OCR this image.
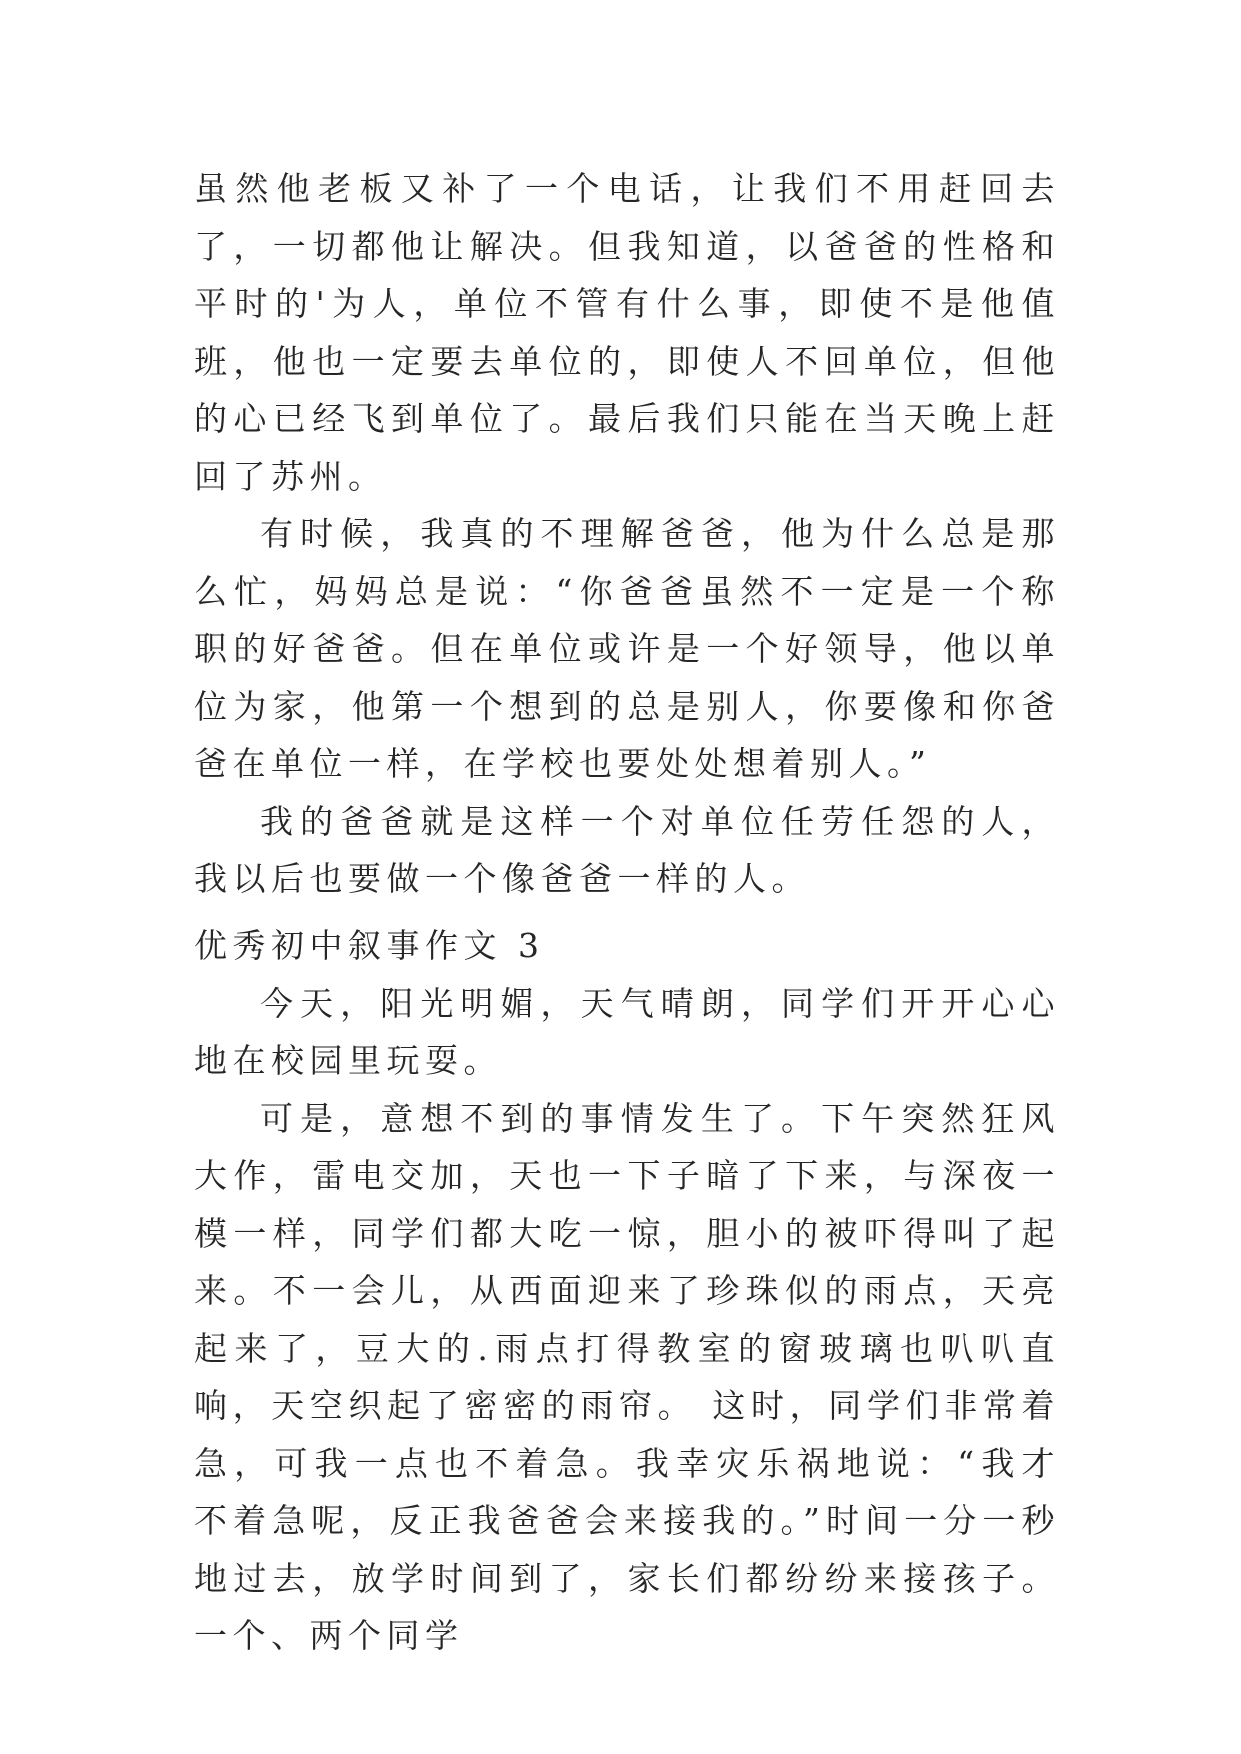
虽然他老板又补了一个电话，让我们不用赶回去了，一切都他让解决。但我知道，以爸爸的性格和平时的'为人，单位不管有什么事，即使不是他值班，他也一定要去单位的，即使人不回单位，但他的心已经飞到单位了。最后我们只能在当天晚上赶回了苏州。

有时候，我真的不理解爸爸，他为什么总是那么忙，妈妈总是说：“你爸爸虽然不一定是一个称职的好爸爸。但在单位或许是一个好领导，他以单位为家，他第一个想到的总是别人，你要像和你爸爸在单位一样，在学校也要处处想着别人。”

我的爸爸就是这样一个对单位任劳任怨的人，我以后也要做一个像爸爸一样的人。

优秀初中叙事作文 3

今天，阳光明媚，天气晴朗，同学们开开心心地在校园里玩耍。

可是，意想不到的事情发生了。下午突然狂风大作，雷电交加，天也一下子暗了下来，与深夜一模一样，同学们都大吃一惊，胆小的被吓得叫了起来。不一会儿，从西面迎来了珍珠似的雨点，天亮起来了，豆大的.雨点打得教室的窗玻璃也叭叭直响，天空织起了密密的雨帘。 这时，同学们非常着急，可我一点也不着急。我幸灾乐祸地说：“我才不着急呢，反正我爸爸会来接我的。”时间一分一秒地过去，放学时间到了，家长们都纷纷来接孩子。 一个、两个同学
